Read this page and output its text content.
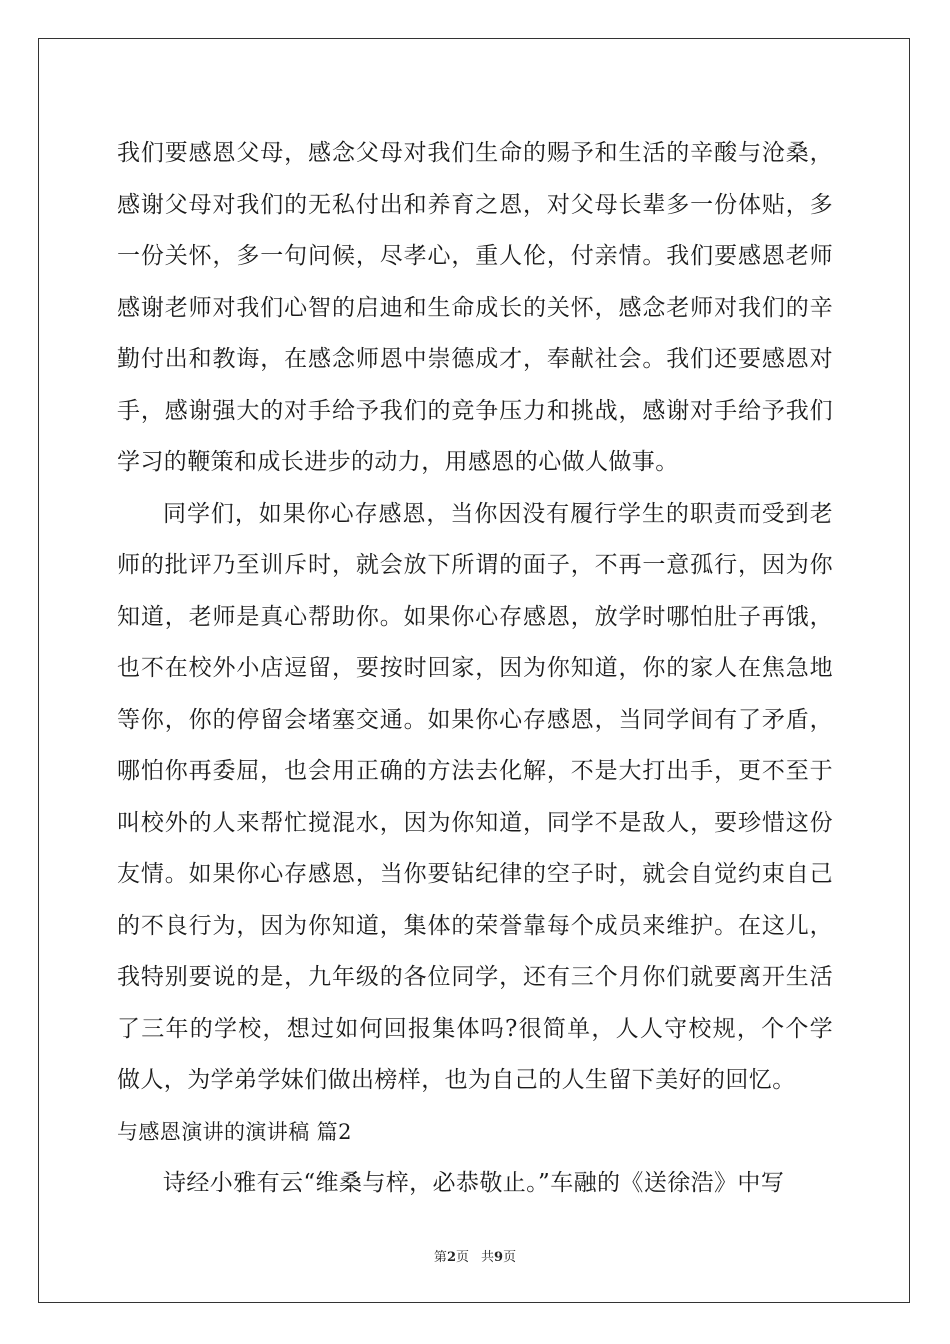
我们要感恩父母，感念父母对我们生命的赐予和生活的辛酸与沧桑，
感谢父母对我们的无私付出和养育之恩，对父母长辈多一份体贴，多
一份关怀，多一句问候，尽孝心，重人伦，付亲情。我们要感恩老师
感谢老师对我们心智的启迪和生命成长的关怀，感念老师对我们的辛
勤付出和教诲，在感念师恩中崇德成才，奉献社会。我们还要感恩对
手，感谢强大的对手给予我们的竞争压力和挑战，感谢对手给予我们
学习的鞭策和成长进步的动力，用感恩的心做人做事。
同学们，如果你心存感恩，当你因没有履行学生的职责而受到老
师的批评乃至训斥时，就会放下所谓的面子，不再一意孤行，因为你
知道，老师是真心帮助你。如果你心存感恩，放学时哪怕肚子再饿，
也不在校外小店逗留，要按时回家，因为你知道，你的家人在焦急地
等你，你的停留会堵塞交通。如果你心存感恩，当同学间有了矛盾，
哪怕你再委屈，也会用正确的方法去化解，不是大打出手，更不至于
叫校外的人来帮忙搅混水，因为你知道，同学不是敌人，要珍惜这份
友情。如果你心存感恩，当你要钻纪律的空子时，就会自觉约束自己
的不良行为，因为你知道，集体的荣誉靠每个成员来维护。在这儿，
我特别要说的是，九年级的各位同学，还有三个月你们就要离开生活
了三年的学校，想过如何回报集体吗?很简单，人人守校规，个个学
做人，为学弟学妹们做出榜样，也为自己的人生留下美好的回忆。
与感恩演讲的演讲稿 篇2
诗经小雅有云“维桑与梓，必恭敬止。”车融的《送徐浩》中写
第2页 共9页
